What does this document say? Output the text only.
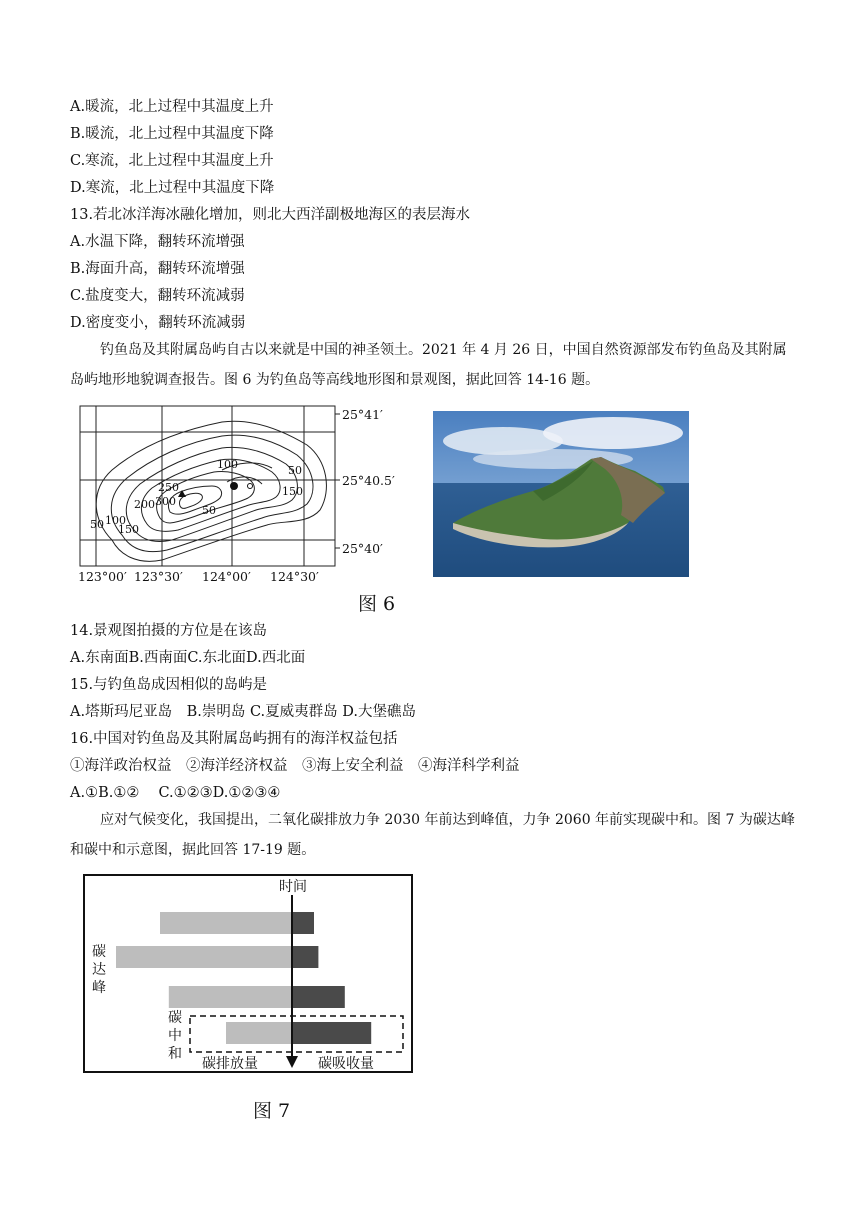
A.暖流，北上过程中其温度上升
B.暖流，北上过程中其温度下降
C.寒流，北上过程中其温度上升
D.寒流，北上过程中其温度下降
13.若北冰洋海冰融化增加，则北大西洋副极地海区的表层海水
A.水温下降，翻转环流增强
B.海面升高，翻转环流增强
C.盐度变大，翻转环流减弱
D.密度变小，翻转环流减弱
钓鱼岛及其附属岛屿自古以来就是中国的神圣领土。2021 年 4 月 26 日，中国自然资源部发布钓鱼岛及其附属岛屿地形地貌调查报告。图 6 为钓鱼岛等高线地形图和景观图，据此回答 14-16 题。
100	50
250
300
200
150
100
50
50
150
25°41′
25°40.5′
25°40′
123°00′ 123°30′ 124°00′ 124°30′
图 6
14.景观图拍摄的方位是在该岛
A.东南面B.西南面C.东北面D.西北面
15.与钓鱼岛成因相似的岛屿是
A.塔斯玛尼亚岛　B.崇明岛 C.夏威夷群岛 D.大堡礁岛
16.中国对钓鱼岛及其附属岛屿拥有的海洋权益包括
①海洋政治权益　②海洋经济权益　③海上安全利益　④海洋科学利益
A.①B.①②　 C.①②③D.①②③④
应对气候变化，我国提出，二氧化碳排放力争 2030 年前达到峰值，力争 2060 年前实现碳中和。图 7 为碳达峰和碳中和示意图，据此回答 17-19 题。
时间
碳
达
峰
碳
中
和
碳排放量	碳吸收量
图 7
